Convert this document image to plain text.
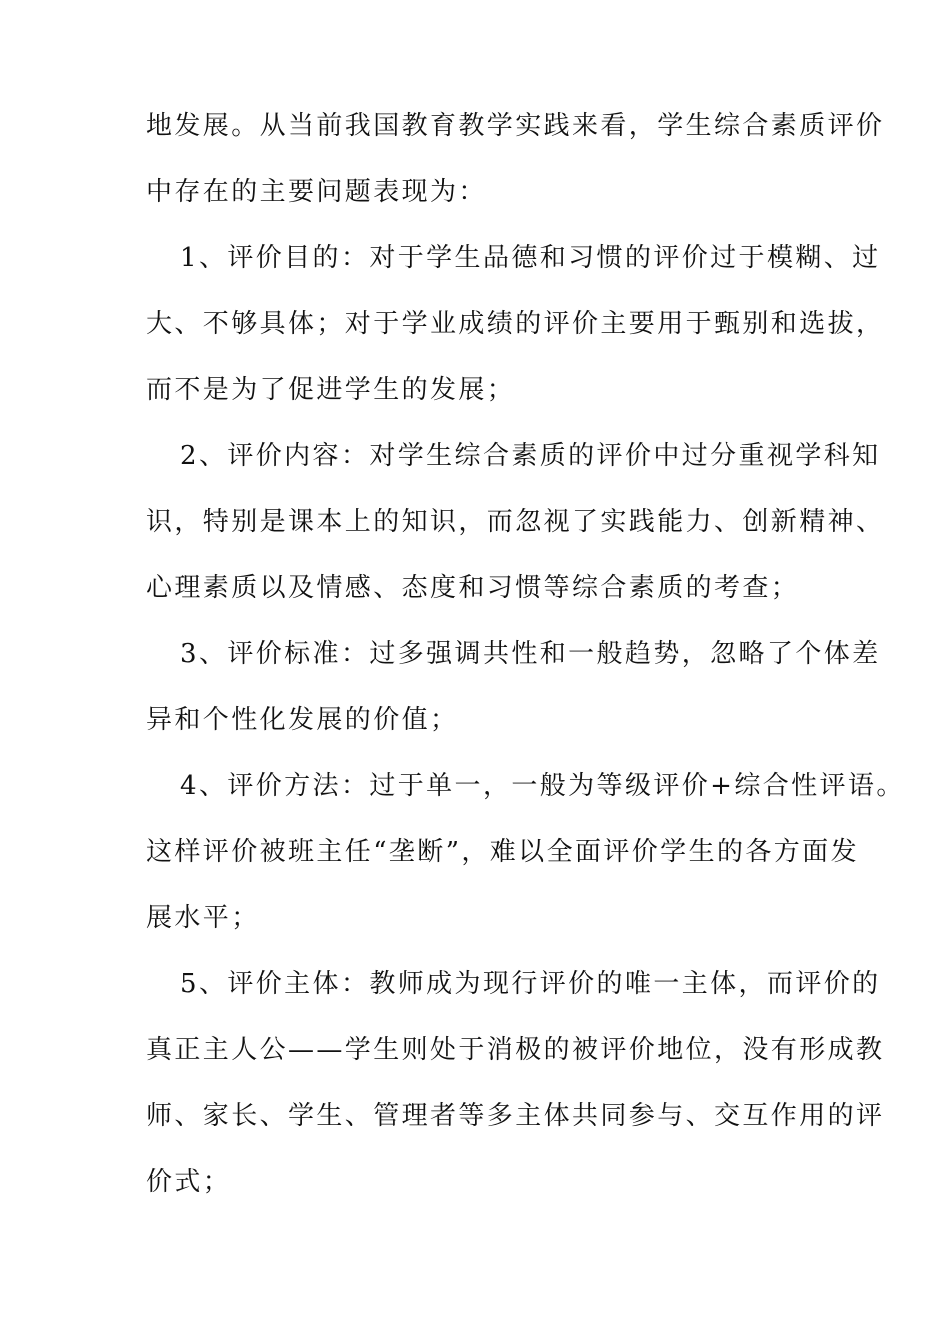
地发展。从当前我国教育教学实践来看，学生综合素质评价
中存在的主要问题表现为：
1、评价目的：对于学生品德和习惯的评价过于模糊、过
大、不够具体；对于学业成绩的评价主要用于甄别和选拔，
而不是为了促进学生的发展；
2、评价内容：对学生综合素质的评价中过分重视学科知
识，特别是课本上的知识，而忽视了实践能力、创新精神、
心理素质以及情感、态度和习惯等综合素质的考查；
3、评价标准：过多强调共性和一般趋势，忽略了个体差
异和个性化发展的价值；
4、评价方法：过于单一，一般为等级评价+综合性评语。
这样评价被班主任“垄断”，难以全面评价学生的各方面发
展水平；
5、评价主体：教师成为现行评价的唯一主体，而评价的
真正主人公——学生则处于消极的被评价地位，没有形成教
师、家长、学生、管理者等多主体共同参与、交互作用的评
价式；
